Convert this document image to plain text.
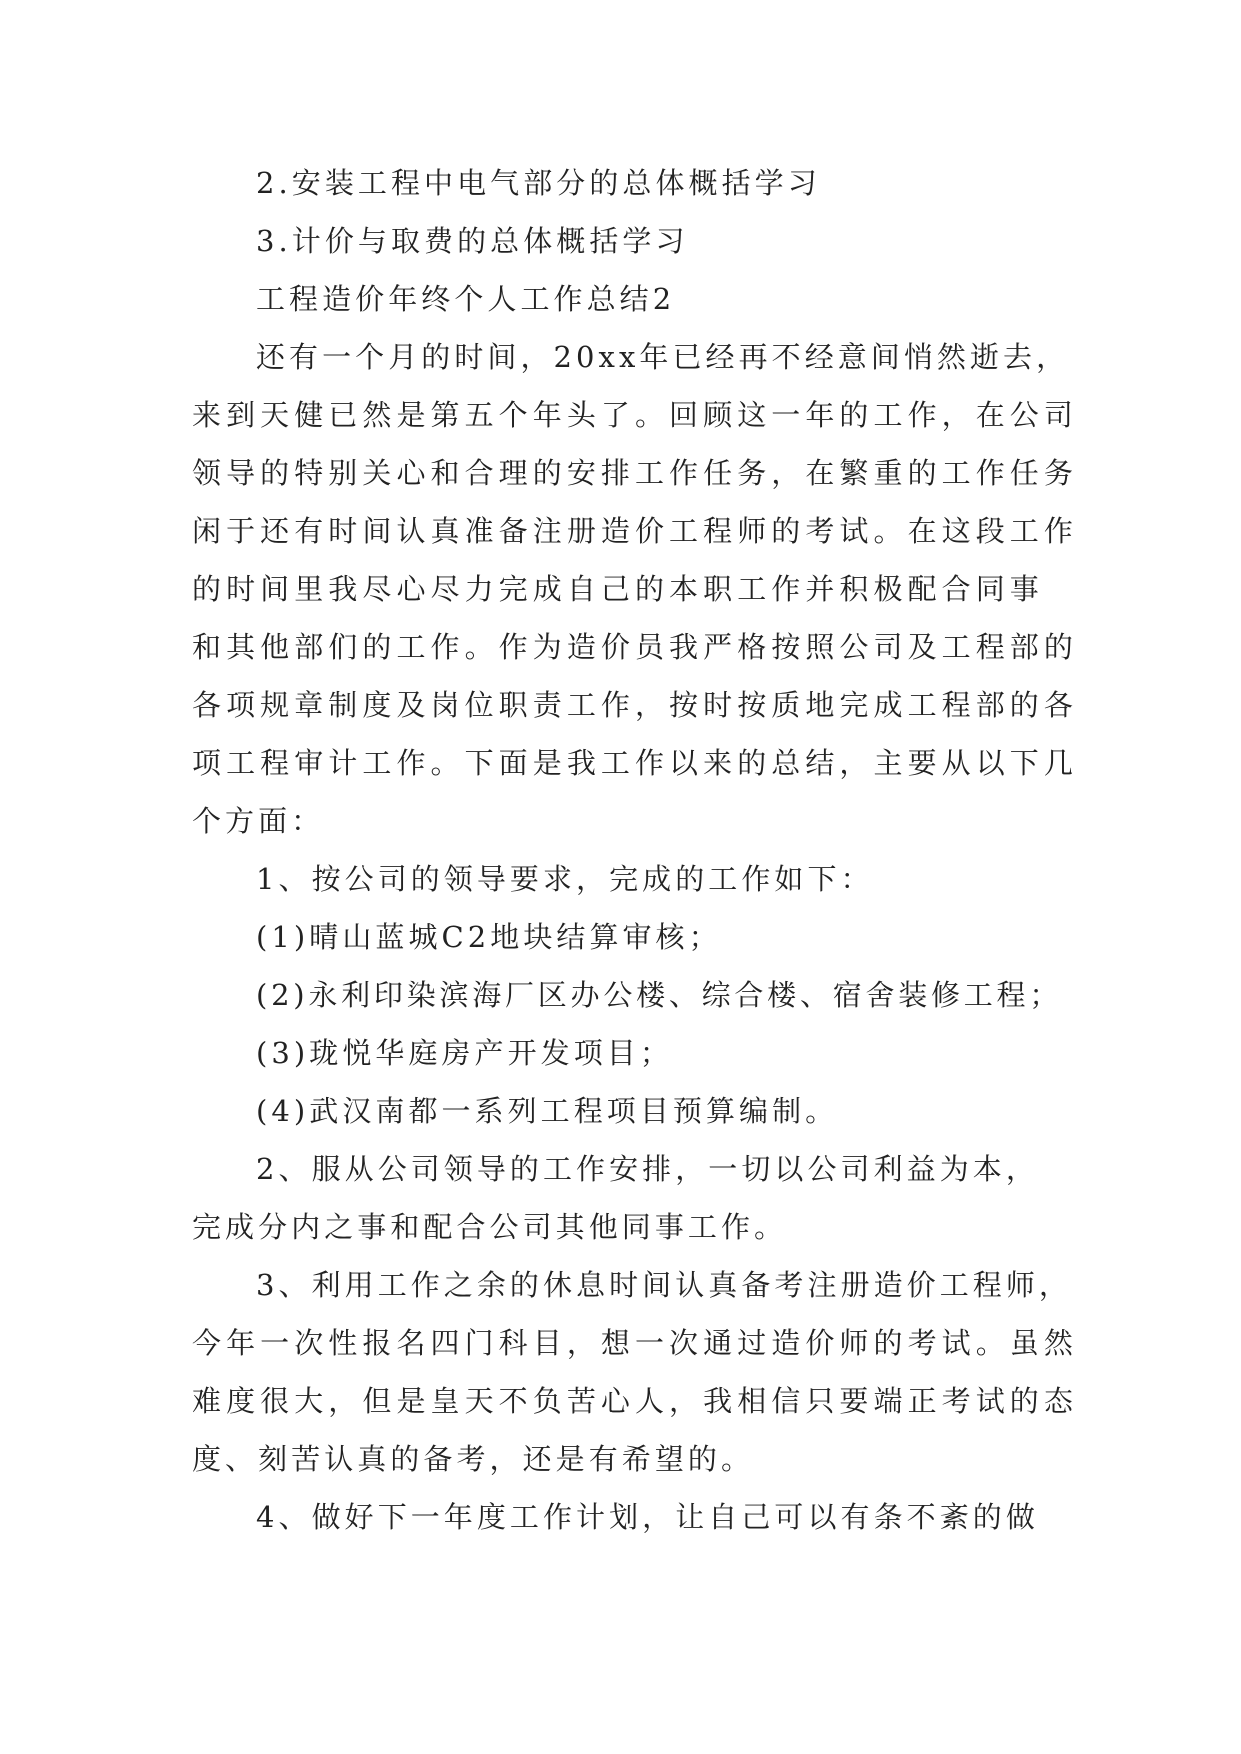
2.安装工程中电气部分的总体概括学习

3.计价与取费的总体概括学习

工程造价年终个人工作总结2

还有一个月的时间，20xx年已经再不经意间悄然逝去，

来到天健已然是第五个年头了。回顾这一年的工作，在公司

领导的特别关心和合理的安排工作任务，在繁重的工作任务

闲于还有时间认真准备注册造价工程师的考试。在这段工作

的时间里我尽心尽力完成自己的本职工作并积极配合同事

和其他部们的工作。作为造价员我严格按照公司及工程部的

各项规章制度及岗位职责工作，按时按质地完成工程部的各

项工程审计工作。下面是我工作以来的总结，主要从以下几

个方面：

1、按公司的领导要求，完成的工作如下：

(1)晴山蓝城C2地块结算审核；

(2)永利印染滨海厂区办公楼、综合楼、宿舍装修工程；

(3)珑悦华庭房产开发项目；

(4)武汉南都一系列工程项目预算编制。

2、服从公司领导的工作安排，一切以公司利益为本，

完成分内之事和配合公司其他同事工作。

3、利用工作之余的休息时间认真备考注册造价工程师，

今年一次性报名四门科目，想一次通过造价师的考试。虽然

难度很大，但是皇天不负苦心人，我相信只要端正考试的态

度、刻苦认真的备考，还是有希望的。

4、做好下一年度工作计划，让自己可以有条不紊的做
